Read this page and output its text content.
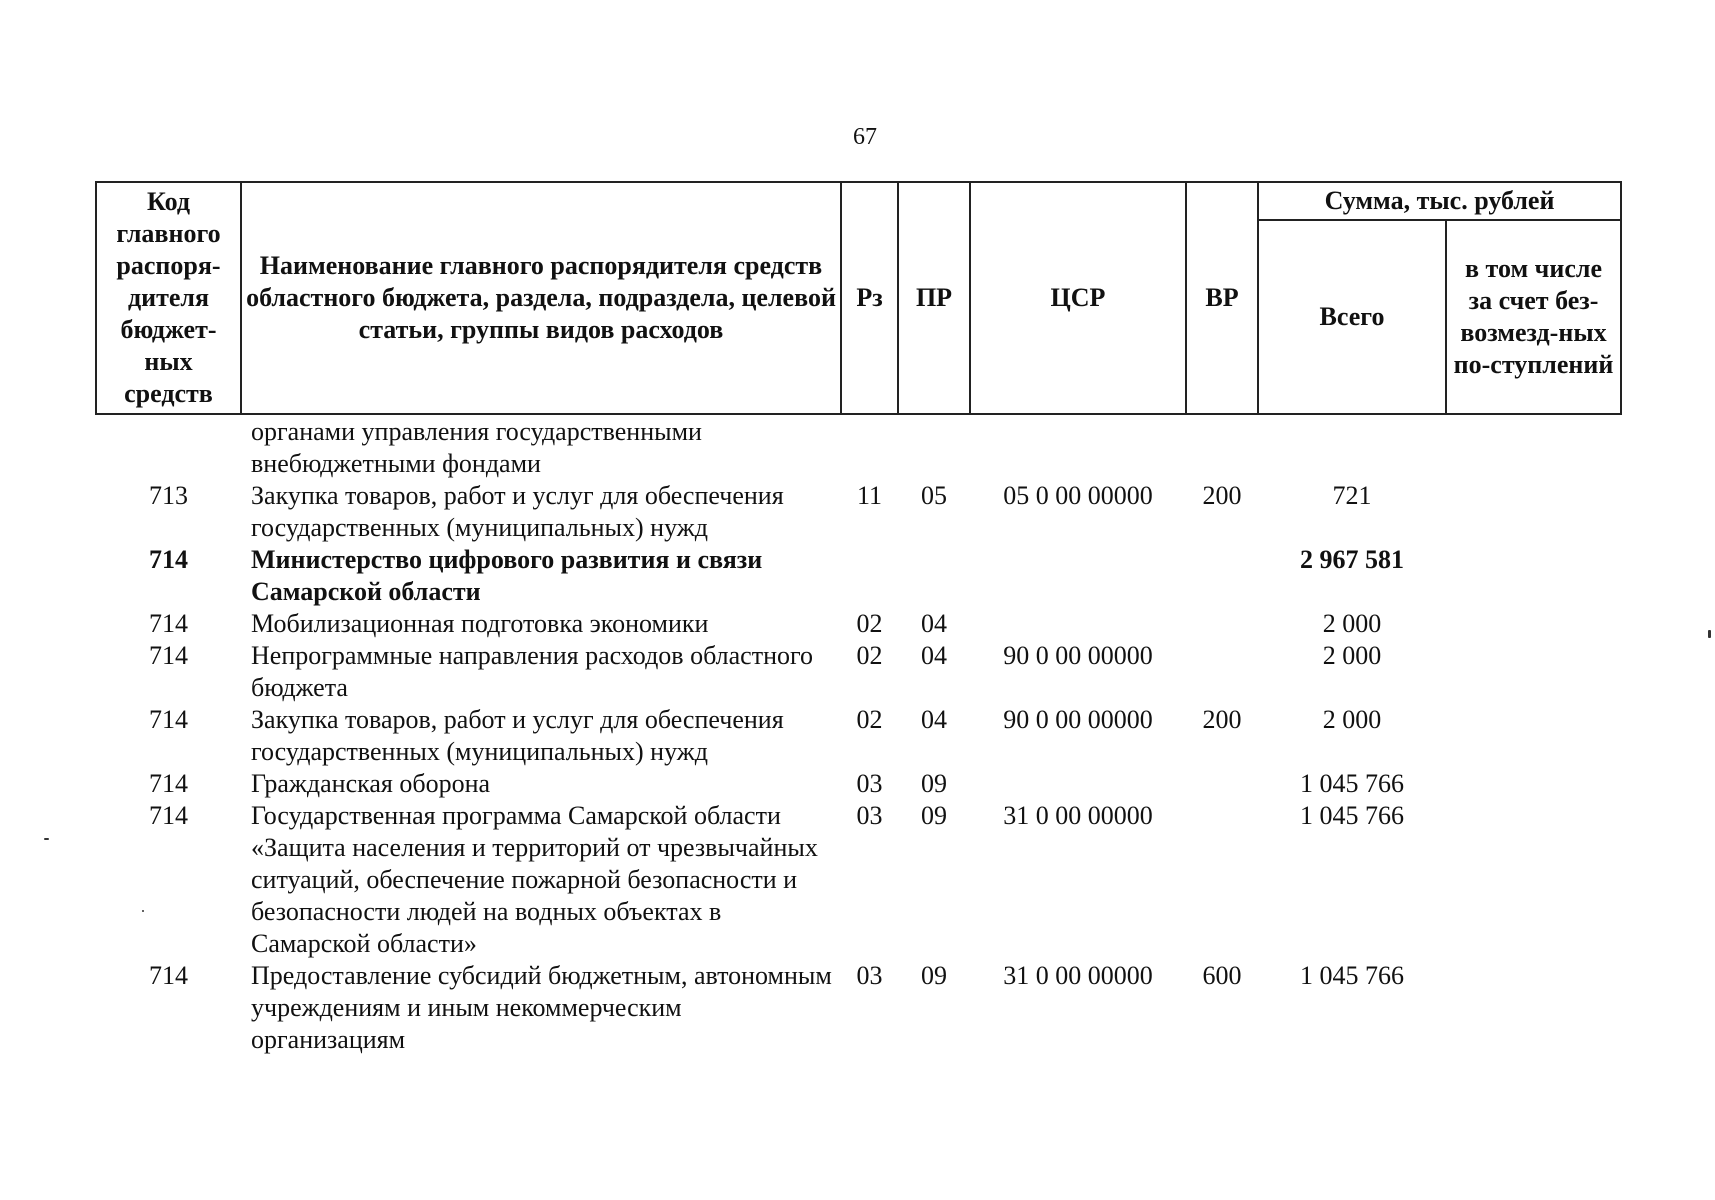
67
Код главного распоря-дителя бюджет-ных средств	Наименование главного распорядителя средств областного бюджета, раздела, подраздела, целевой статьи, группы видов расходов	Рз	ПР	ЦСР	ВР	Сумма, тыс. рублей	
						Всего	в том числе за счет без-возмезд-ных по-ступлений
	органами управления государственными внебюджетными фондами						
713	Закупка товаров, работ и услуг для обеспечения государственных (муниципальных) нужд	11	05	05 0 00 00000	200	721	
714	Министерство цифрового развития и связи Самарской области					2 967 581	
714	Мобилизационная подготовка экономики	02	04			2 000	
714	Непрограммные направления расходов областного бюджета	02	04	90 0 00 00000		2 000	
714	Закупка товаров, работ и услуг для обеспечения государственных (муниципальных) нужд	02	04	90 0 00 00000	200	2 000	
714	Гражданская оборона	03	09			1 045 766	
714	Государственная программа Самарской области «Защита населения и территорий от чрезвычайных ситуаций, обеспечение пожарной безопасности и безопасности людей на водных объектах в Самарской области»	03	09	31 0 00 00000		1 045 766	
714	Предоставление субсидий бюджетным, автономным учреждениям и иным некоммерческим организациям	03	09	31 0 00 00000	600	1 045 766	
